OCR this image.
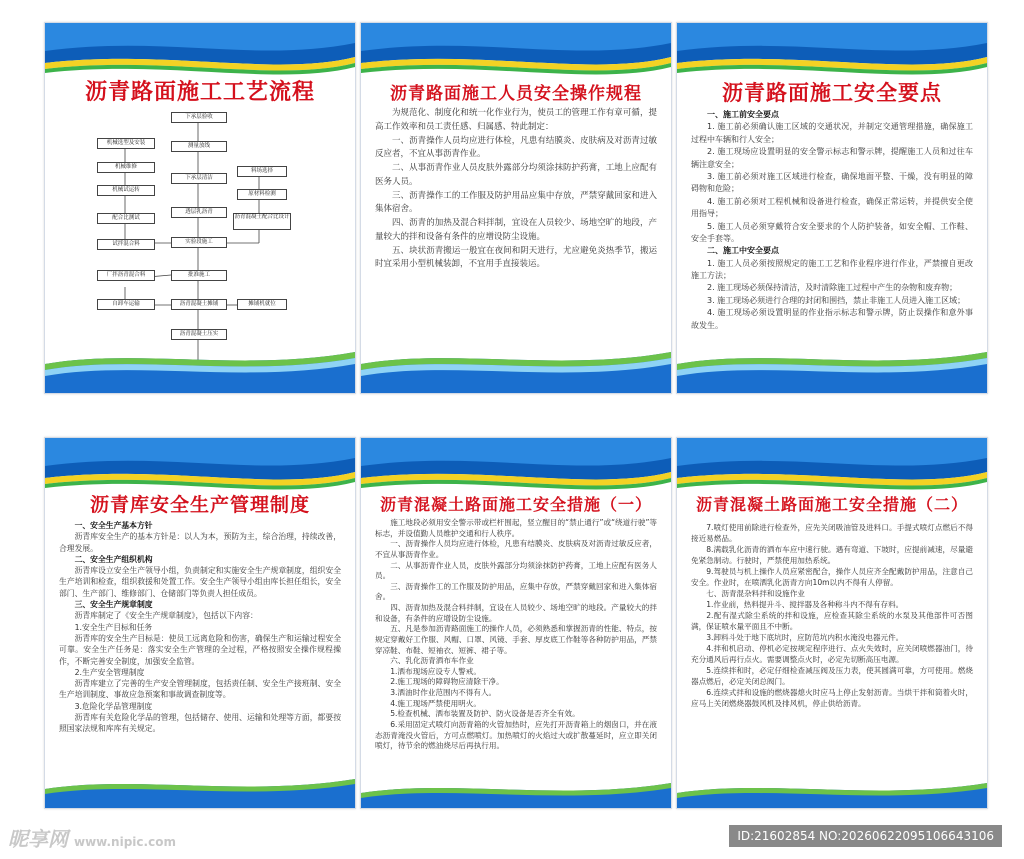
沥青路面施工工艺流程
下承层验收
测量放线
下承层清洁
透层乳沥青
实验段施工
批准施工
沥青混凝土摊铺
沥青混凝土压实
机械选型及安装
机械维修
机械试运转
配合比测试
试拌混合料
料场选择
原材料检测
沥青混凝土配合比设计
厂拌沥青混合料
自卸车运输	摊铺机就位
沥青路面施工人员安全操作规程

为规范化、制度化和统一化作业行为，使员工的管理工作有章可循，提高工作效率和员工责任感、归属感、特此制定：

一、沥青操作人员均应进行体检，凡患有结膜炎、皮肤病及对沥青过敏反应者，不宜从事沥青作业。

二、从事沥青作业人员皮肤外露部分均须涂抹防护药膏，工地上应配有医务人员。

三、沥青操作工的工作服及防护用品应集中存放，严禁穿戴回家和进入集体宿舍。

四、沥青的加热及混合料拌制，宜设在人员较少、场地空旷的地段，产量较大的拌和设备有条件的应增设防尘设施。

五、块状沥青搬运一般宜在夜间和阴天进行，尤应避免炎热季节，搬运时宜采用小型机械装卸，不宜用手直接装运。

沥青路面施工安全要点

一、施工前安全要点

1. 施工前必须确认施工区域的交通状况，并制定交通管理措施，确保施工过程中车辆和行人安全；

2. 施工现场应设置明显的安全警示标志和警示牌，提醒施工人员和过往车辆注意安全；

3. 施工前必须对施工区域进行检查，确保地面平整、干燥，没有明显的障碍物和危险；

4. 施工前必须对工程机械和设备进行检查，确保正常运转，并提供安全使用指导；

5. 施工人员必须穿戴符合安全要求的个人防护装备，如安全帽、工作鞋、安全手套等。

二、施工中安全要点

1. 施工人员必须按照规定的施工工艺和作业程序进行作业，严禁擅自更改施工方法；

2. 施工现场必须保持清洁，及时清除施工过程中产生的杂物和废弃物；

3. 施工现场必须进行合理的封闭和围挡，禁止非施工人员进入施工区域；

4. 施工现场必须设置明显的作业指示标志和警示牌，防止误操作和意外事故发生。

沥青库安全生产管理制度

一、安全生产基本方针

沥青库安全生产的基本方针是：以人为本，预防为主，综合治理，持续改善，合理发展。

二、安全生产组织机构

沥青库设立安全生产领导小组，负责制定和实施安全生产规章制度，组织安全生产培训和检查，组织救援和处置工作。安全生产领导小组由库长担任组长，安全部门、生产部门、维修部门、仓储部门等负责人担任成员。

三、安全生产规章制度

沥青库制定了《安全生产规章制度》，包括以下内容：

1.安全生产目标和任务

沥青库的安全生产目标是：使员工远离危险和伤害，确保生产和运输过程安全可靠。安全生产任务是：落实安全生产管理的全过程，严格按照安全操作规程操作，不断完善安全制度，加强安全监管。

2.生产安全管理制度

沥青库建立了完善的生产安全管理制度，包括责任制、安全生产接班制、安全生产培训制度、事故应急预案和事故调查制度等。

3.危险化学品管理制度

沥青库有关危险化学品的管理，包括储存、使用、运输和处理等方面，都要按照国家法规和库库有关规定。

沥青混凝土路面施工安全措施（一）

施工地段必须用安全警示带或栏杆围起，竖立醒目的“禁止通行”或“绕道行驶”等标志，并设值勤人员维护交通和行人秩序。

一、沥青操作人员均应进行体检，凡患有结膜炎、皮肤病及对沥青过敏反应者，不宜从事沥青作业。

二、从事沥青作业人员，皮肤外露部分均须涂抹防护药膏，工地上应配有医务人员。

三、沥青操作工的工作服及防护用品，应集中存放，严禁穿戴回家和进入集体宿舍。

四、沥青加热及混合料拌制，宜设在人员较少、场地空旷的地段。产量较大的拌和设备，有条件的应增设防尘设施。

五、凡是参加沥青路面施工的操作人员，必须熟悉和掌握沥青的性能、特点，按规定穿戴好工作服、风帽、口罩、风镜、手套、厚皮底工作鞋等各种防护用品，严禁穿凉鞋、布鞋、短袖衣、短裤、裙子等。

六、乳化沥青洒布车作业

1.洒布现场应设专人警戒。

2.施工现场的障碍物应清除干净。

3.洒油时作业范围内不得有人。

4.施工现场严禁使用明火。

5.检查机械、洒布装置及防护、防火设备是否齐全有效。

6.采用固定式喷灯向沥青箱的火管加热时，应先打开沥青箱上的烟囱口，并在液态沥青淹没火管后，方可点燃喷灯。加热喷灯的火焰过大或扩散蔓延时，应立即关闭喷灯，待节余的燃油烧尽后再执行用。

沥青混凝土路面施工安全措施（二）

7.喷灯使用前除进行检查外，应先关闭吸油管及进料口。手提式喷灯点燃后不得接近易燃品。

8.满载乳化沥青的洒布车应中速行驶。遇有弯道、下坡时，应提前减速，尽量避免紧急制动。行驶时，严禁使用加热系统。

9.驾驶员与机上操作人员应紧密配合，操作人员应齐全配戴防护用品，注意自己安全。作业时，在喷洒乳化沥青方向10m以内不得有人停留。

七、沥青混杂料拌和设施作业

1.作业前，热料提升斗、搅拌器及各种称斗内不得有存料。

2.配有湿式除尘系统的拌和设施，应检查其除尘系统的水泵及其他部件可否图满，保证喷水量平面且不中断。

3.卸料斗处于地下底坑时，应防范坑内积水淹没电器元件。

4.拌和机启动、停机必定按规定程序进行、点火失效时，应关闭喷燃器油门，待充分通风后再行点火。需要调整点火时，必定先切断高压电源。

5.连续拌和时，必定仔细检查减压阀及压力表，使其圆满可靠，方可使用。燃烧器点燃后，必定关闭总阀门。

6.连续式拌和设施的燃烧器熄火时应马上停止发射沥青。当烘干拌和筒着火时，应马上关闭燃烧器鼓风机及排风机，停止供给沥青。

昵享网 www.nipic.com	ID:21602854 NO:20260622095106643106
